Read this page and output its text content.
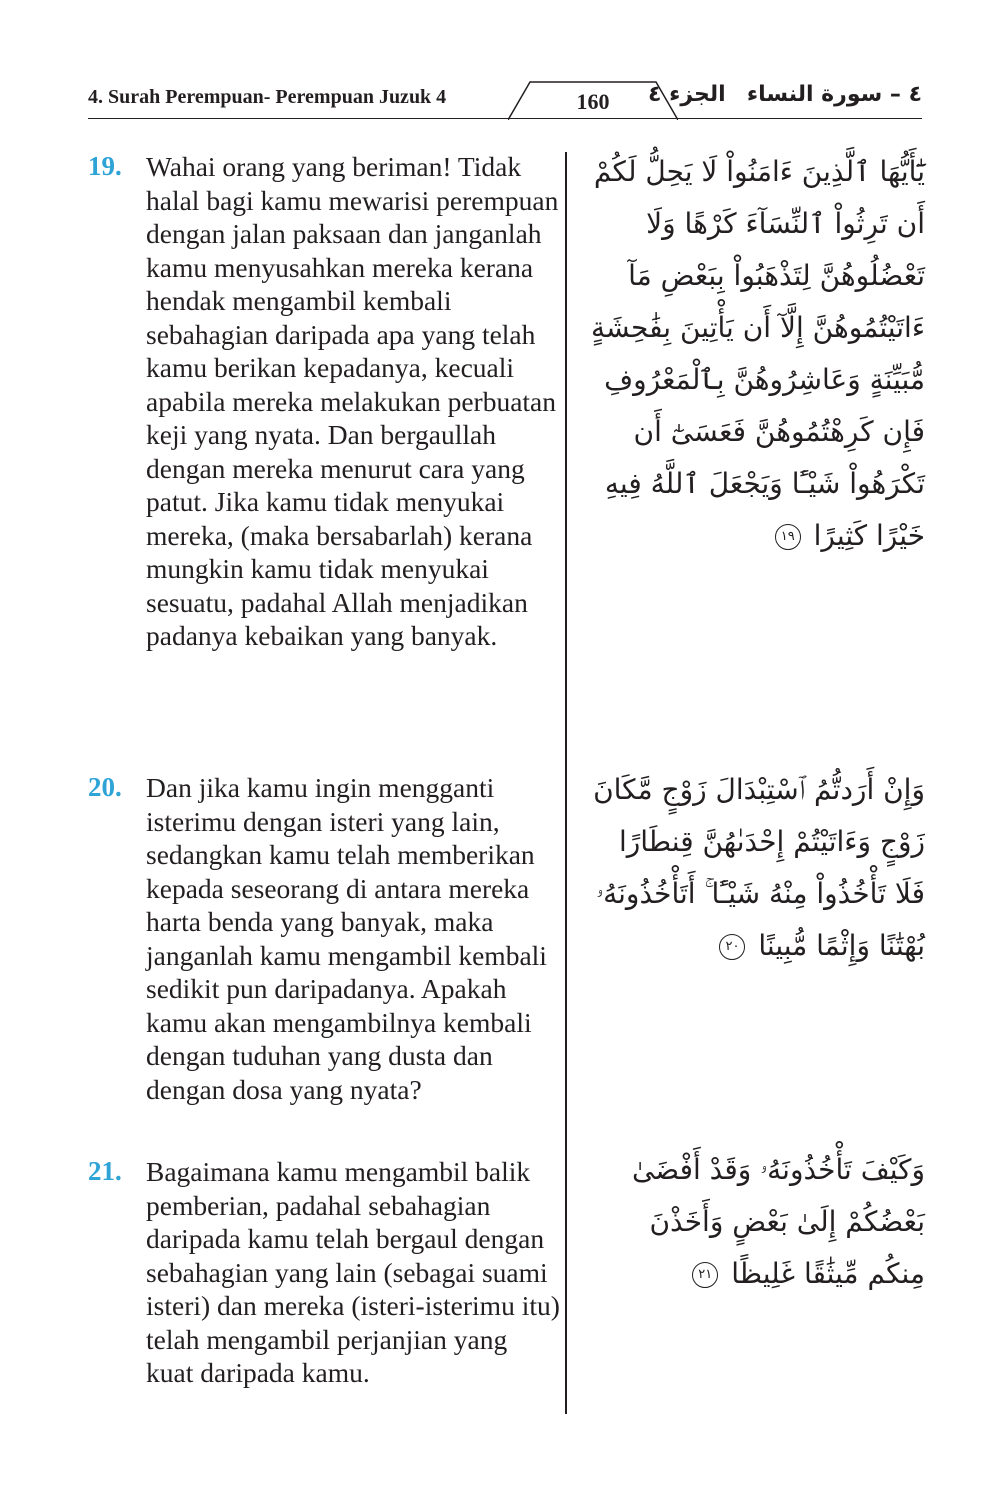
4. Surah Perempuan- Perempuan Juzuk 4	160	الجزء ٤ ٤ – سورة النساء
19. Wahai orang yang beriman! Tidak halal bagi kamu mewarisi perempuan dengan jalan paksaan dan janganlah kamu menyusahkan mereka kerana hendak mengambil kembali sebahagian daripada apa yang telah kamu berikan kepadanya, kecuali apabila mereka melakukan perbuatan keji yang nyata. Dan bergaullah dengan mereka menurut cara yang patut. Jika kamu tidak menyukai mereka, (maka bersabarlah) kerana mungkin kamu tidak menyukai sesuatu, padahal Allah menjadikan padanya kebaikan yang banyak.
يَٰٓأَيُّهَا ٱلَّذِينَ ءَامَنُواْ لَا يَحِلُّ لَكُمْ أَن تَرِثُواْ ٱلنِّسَآءَ كَرْهًا وَلَا تَعْضُلُوهُنَّ لِتَذْهَبُواْ بِبَعْضِ مَآ ءَاتَيْتُمُوهُنَّ إِلَّآ أَن يَأْتِينَ بِفَٰحِشَةٍ مُّبَيِّنَةٍ وَعَاشِرُوهُنَّ بِٱلْمَعْرُوفِ فَإِن كَرِهْتُمُوهُنَّ فَعَسَىٰٓ أَن تَكْرَهُواْ شَيْـًٔا وَيَجْعَلَ ٱللَّهُ فِيهِ خَيْرًا كَثِيرًا ١٩
20. Dan jika kamu ingin mengganti isterimu dengan isteri yang lain, sedangkan kamu telah memberikan kepada seseorang di antara mereka harta benda yang banyak, maka janganlah kamu mengambil kembali sedikit pun daripadanya. Apakah kamu akan mengambilnya kembali dengan tuduhan yang dusta dan dengan dosa yang nyata?
وَإِنْ أَرَدتُّمُ ٱسْتِبْدَالَ زَوْجٍ مَّكَانَ زَوْجٍ وَءَاتَيْتُمْ إِحْدَىٰهُنَّ قِنطَارًا فَلَا تَأْخُذُواْ مِنْهُ شَيْـًٔا ۚ أَتَأْخُذُونَهُۥ بُهْتَٰنًا وَإِثْمًا مُّبِينًا ٢٠
21. Bagaimana kamu mengambil balik pemberian, padahal sebahagian daripada kamu telah bergaul dengan sebahagian yang lain (sebagai suami isteri) dan mereka (isteri-isterimu itu) telah mengambil perjanjian yang kuat daripada kamu.
وَكَيْفَ تَأْخُذُونَهُۥ وَقَدْ أَفْضَىٰ بَعْضُكُمْ إِلَىٰ بَعْضٍ وَأَخَذْنَ مِنكُم مِّيثَٰقًا غَلِيظًا ٢١
